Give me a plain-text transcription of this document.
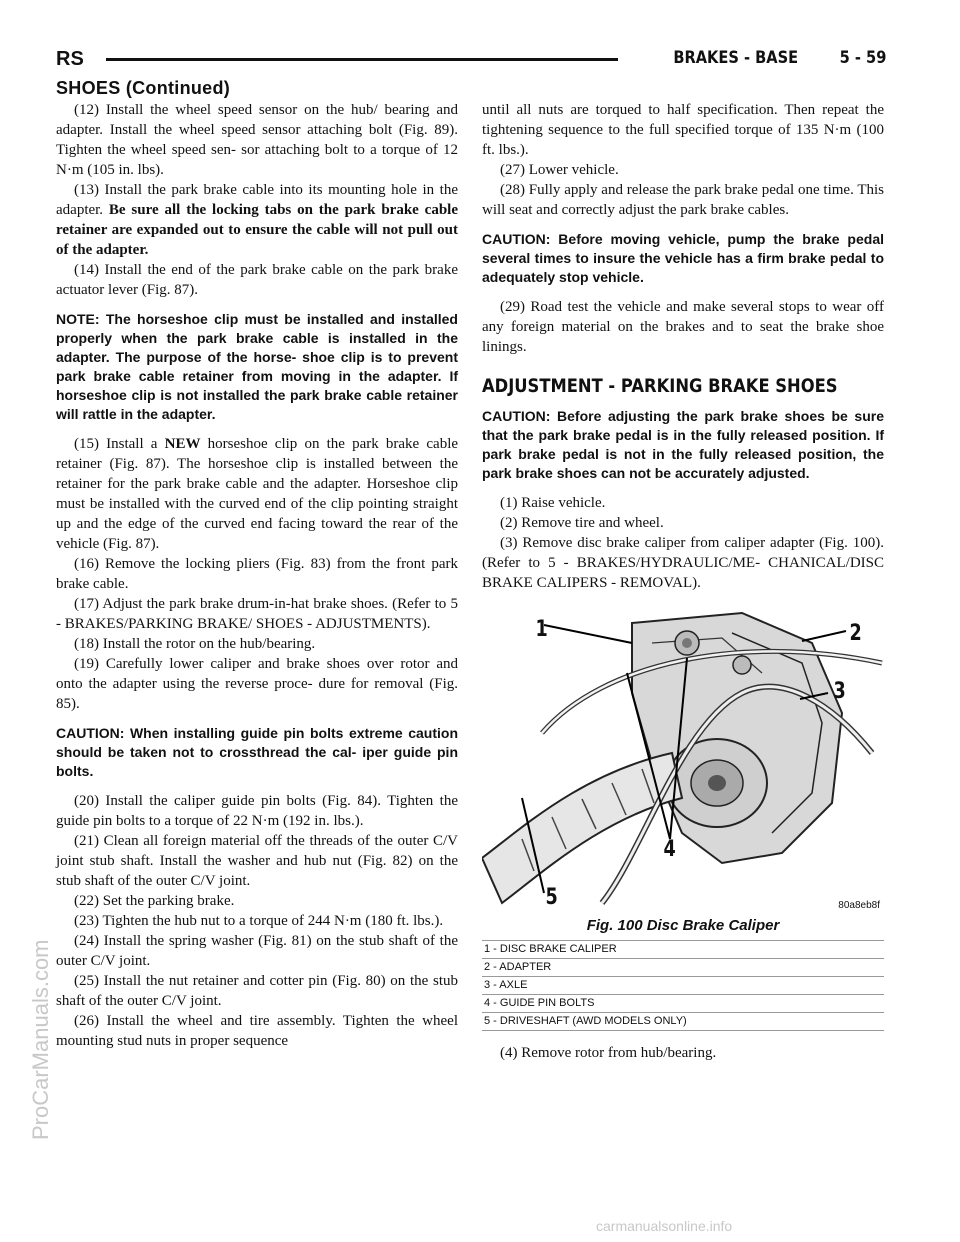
RS	BRAKES - BASE 5 - 59
SHOES (Continued)

(12) Install the wheel speed sensor on the hub/ bearing and adapter. Install the wheel speed sensor attaching bolt (Fig. 89). Tighten the wheel speed sen- sor attaching bolt to a torque of 12 N·m (105 in. lbs).

(13) Install the park brake cable into its mounting hole in the adapter. Be sure all the locking tabs on the park brake cable retainer are expanded out to ensure the cable will not pull out of the adapter.

(14) Install the end of the park brake cable on the park brake actuator lever (Fig. 87).

NOTE: The horseshoe clip must be installed and installed properly when the park brake cable is installed in the adapter. The purpose of the horse- shoe clip is to prevent park brake cable retainer from moving in the adapter. If horseshoe clip is not installed the park brake cable retainer will rattle in the adapter.

(15) Install a NEW horseshoe clip on the park brake cable retainer (Fig. 87). The horseshoe clip is installed between the retainer for the park brake cable and the adapter. Horseshoe clip must be installed with the curved end of the clip pointing straight up and the edge of the curved end facing toward the rear of the vehicle (Fig. 87).

(16) Remove the locking pliers (Fig. 83) from the front park brake cable.

(17) Adjust the park brake drum-in-hat brake shoes. (Refer to 5 - BRAKES/PARKING BRAKE/ SHOES - ADJUSTMENTS).

(18) Install the rotor on the hub/bearing.

(19) Carefully lower caliper and brake shoes over rotor and onto the adapter using the reverse proce- dure for removal (Fig. 85).

CAUTION: When installing guide pin bolts extreme caution should be taken not to crossthread the cal- iper guide pin bolts.

(20) Install the caliper guide pin bolts (Fig. 84). Tighten the guide pin bolts to a torque of 22 N·m (192 in. lbs.).

(21) Clean all foreign material off the threads of the outer C/V joint stub shaft. Install the washer and hub nut (Fig. 82) on the stub shaft of the outer C/V joint.

(22) Set the parking brake.

(23) Tighten the hub nut to a torque of 244 N·m (180 ft. lbs.).

(24) Install the spring washer (Fig. 81) on the stub shaft of the outer C/V joint.

(25) Install the nut retainer and cotter pin (Fig. 80) on the stub shaft of the outer C/V joint.

(26) Install the wheel and tire assembly. Tighten the wheel mounting stud nuts in proper sequence

until all nuts are torqued to half specification. Then repeat the tightening sequence to the full specified torque of 135 N·m (100 ft. lbs.).

(27) Lower vehicle.

(28) Fully apply and release the park brake pedal one time. This will seat and correctly adjust the park brake cables.

CAUTION: Before moving vehicle, pump the brake pedal several times to insure the vehicle has a firm brake pedal to adequately stop vehicle.

(29) Road test the vehicle and make several stops to wear off any foreign material on the brakes and to seat the brake shoe linings.

ADJUSTMENT - PARKING BRAKE SHOES
CAUTION: Before adjusting the park brake shoes be sure that the park brake pedal is in the fully released position. If park brake pedal is not in the fully released position, the park brake shoes can not be accurately adjusted.

(1) Raise vehicle.

(2) Remove tire and wheel.

(3) Remove disc brake caliper from caliper adapter (Fig. 100). (Refer to 5 - BRAKES/HYDRAULIC/ME- CHANICAL/DISC BRAKE CALIPERS - REMOVAL).

1	2
3
4
5	80a8eb8f
Fig. 100 Disc Brake Caliper
1 - DISC BRAKE CALIPER
2 - ADAPTER
3 - AXLE
4 - GUIDE PIN BOLTS
5 - DRIVESHAFT (AWD MODELS ONLY)

(4) Remove rotor from hub/bearing.

ProCarManuals.com
carmanualsonline.info
